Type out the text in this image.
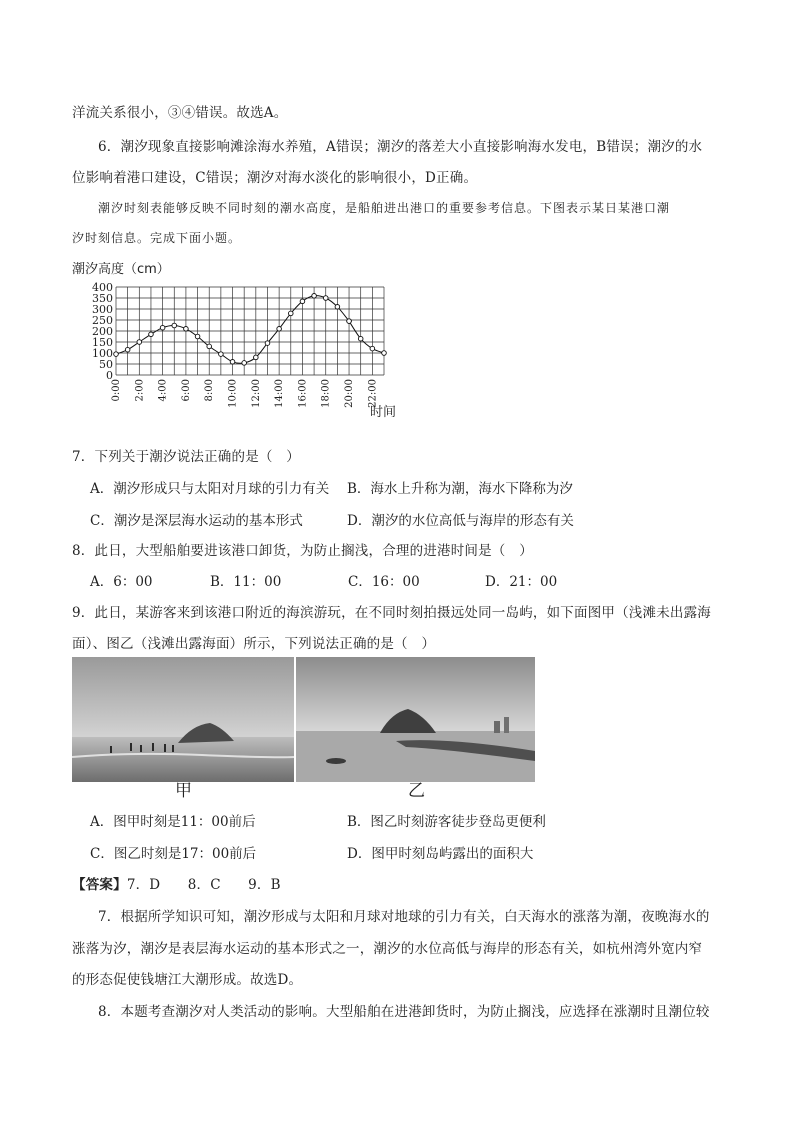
洋流关系很小，③④错误。故选A。
6．潮汐现象直接影响滩涂海水养殖，A错误；潮汐的落差大小直接影响海水发电，B错误；潮汐的水
位影响着港口建设，C错误；潮汐对海水淡化的影响很小，D正确。
潮汐时刻表能够反映不同时刻的潮水高度，是船舶进出港口的重要参考信息。下图表示某日某港口潮
汐时刻信息。完成下面小题。
潮汐高度（cm）
0
50
100
150
200
250
300
350
400
0:00 2:00 4:00 6:00 8:00 10:00 12:00 14:00 16:00 18:00 20:00 22:00
时间
7．下列关于潮汐说法正确的是（　）
A．潮汐形成只与太阳对月球的引力有关 B．海水上升称为潮，海水下降称为汐
C．潮汐是深层海水运动的基本形式	D．潮汐的水位高低与海岸的形态有关
8．此日，大型船舶要进该港口卸货，为防止搁浅，合理的进港时间是（　）
A．6：00	B．11：00	C．16：00	D．21：00
9．此日，某游客来到该港口附近的海滨游玩，在不同时刻拍摄远处同一岛屿，如下面图甲（浅滩未出露海
面）、图乙（浅滩出露海面）所示，下列说法正确的是（　）
甲	乙
A．图甲时刻是11：00前后	B．图乙时刻游客徒步登岛更便利
C．图乙时刻是17：00前后	D．图甲时刻岛屿露出的面积大
【答案】7．D　　8．C　　9．B
7．根据所学知识可知，潮汐形成与太阳和月球对地球的引力有关，白天海水的涨落为潮，夜晚海水的
涨落为汐，潮汐是表层海水运动的基本形式之一，潮汐的水位高低与海岸的形态有关，如杭州湾外宽内窄
的形态促使钱塘江大潮形成。故选D。
8．本题考查潮汐对人类活动的影响。大型船舶在进港卸货时，为防止搁浅，应选择在涨潮时且潮位较
